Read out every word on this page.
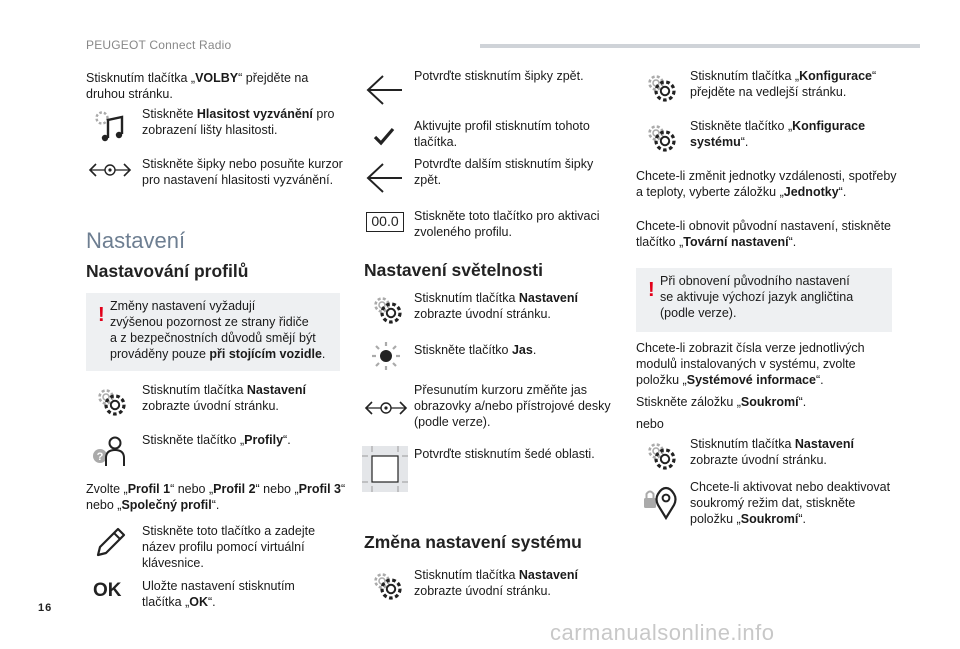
PEUGEOT Connect Radio
Stisknutím tlačítka „VOLBY“ přejděte na
druhou stránku.
Stiskněte Hlasitost vyzvánění pro
zobrazení lišty hlasitosti.
Stiskněte šipky nebo posuňte kurzor
pro nastavení hlasitosti vyzvánění.
Nastavení
Nastavování profilů
! Změny nastavení vyžadují
zvýšenou pozornost ze strany řidiče
a z bezpečnostních důvodů smějí být
prováděny pouze při stojícím vozidle.
Stisknutím tlačítka Nastavení
zobrazte úvodní stránku.
?
Stiskněte tlačítko „Profily“.
Zvolte „Profil 1“ nebo „Profil 2“ nebo „Profil 3“
nebo „Společný profil“.
Stiskněte toto tlačítko a zadejte
název profilu pomocí virtuální
klávesnice.
OK Uložte nastavení stisknutím
tlačítka „OK“.
Potvrďte stisknutím šipky zpět.
Aktivujte profil stisknutím tohoto
tlačítka.
Potvrďte dalším stisknutím šipky
zpět.
00.0	Stiskněte toto tlačítko pro aktivaci
zvoleného profilu.
Nastavení světelnosti
Stisknutím tlačítka Nastavení
zobrazte úvodní stránku.
Stiskněte tlačítko Jas.
Přesunutím kurzoru změňte jas
obrazovky a/nebo přístrojové desky
(podle verze).
Potvrďte stisknutím šedé oblasti.
Změna nastavení systému
Stisknutím tlačítka Nastavení
zobrazte úvodní stránku.
Stisknutím tlačítka „Konfigurace“
přejděte na vedlejší stránku.
Stiskněte tlačítko „Konfigurace
systému“.
Chcete-li změnit jednotky vzdálenosti, spotřeby
a teploty, vyberte záložku „Jednotky“.
Chcete-li obnovit původní nastavení, stiskněte
tlačítko „Tovární nastavení“.
! Při obnovení původního nastavení
se aktivuje výchozí jazyk angličtina
(podle verze).
Chcete-li zobrazit čísla verze jednotlivých
modulů instalovaných v systému, zvolte
položku „Systémové informace“.
Stiskněte záložku „Soukromí“.
nebo
Stisknutím tlačítka Nastavení
zobrazte úvodní stránku.
Chcete-li aktivovat nebo deaktivovat
soukromý režim dat, stiskněte
položku „Soukromí“.
16
carmanualsonline.info
